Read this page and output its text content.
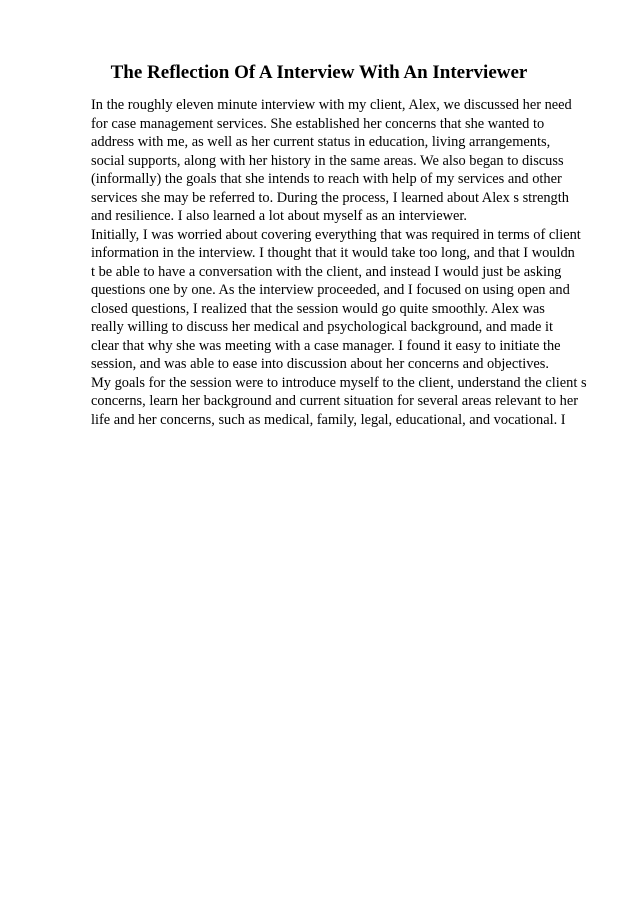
The Reflection Of A Interview With An Interviewer
In the roughly eleven minute interview with my client, Alex, we discussed her need
for case management services. She established her concerns that she wanted to
address with me, as well as her current status in education, living arrangements,
social supports, along with her history in the same areas. We also began to discuss
(informally) the goals that she intends to reach with help of my services and other
services she may be referred to. During the process, I learned about Alex s strength
and resilience. I also learned a lot about myself as an interviewer.
Initially, I was worried about covering everything that was required in terms of client
information in the interview. I thought that it would take too long, and that I wouldn
t be able to have a conversation with the client, and instead I would just be asking
questions one by one. As the interview proceeded, and I focused on using open and
closed questions, I realized that the session would go quite smoothly. Alex was
really willing to discuss her medical and psychological background, and made it
clear that why she was meeting with a case manager. I found it easy to initiate the
session, and was able to ease into discussion about her concerns and objectives.
My goals for the session were to introduce myself to the client, understand the client s
concerns, learn her background and current situation for several areas relevant to her
life and her concerns, such as medical, family, legal, educational, and vocational. I
